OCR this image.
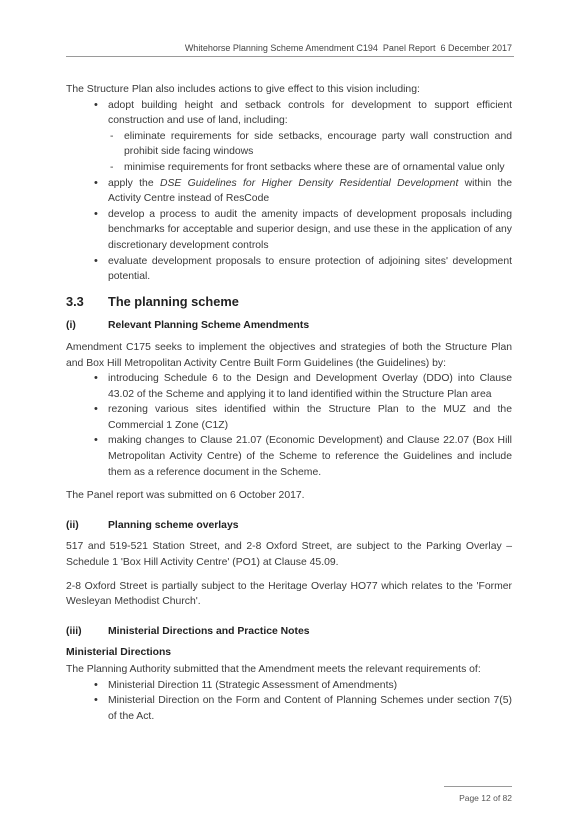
Whitehorse Planning Scheme Amendment C194  Panel Report  6 December 2017

The Structure Plan also includes actions to give effect to this vision including:

• adopt building height and setback controls for development to support efficient construction and use of land, including:
- eliminate requirements for side setbacks, encourage party wall construction and prohibit side facing windows
- minimise requirements for front setbacks where these are of ornamental value only
• apply the DSE Guidelines for Higher Density Residential Development within the Activity Centre instead of ResCode
• develop a process to audit the amenity impacts of development proposals including benchmarks for acceptable and superior design, and use these in the application of any discretionary development controls
• evaluate development proposals to ensure protection of adjoining sites' development potential.
3.3	The planning scheme
(i)	Relevant Planning Scheme Amendments

Amendment C175 seeks to implement the objectives and strategies of both the Structure Plan and Box Hill Metropolitan Activity Centre Built Form Guidelines (the Guidelines) by:

• introducing Schedule 6 to the Design and Development Overlay (DDO) into Clause 43.02 of the Scheme and applying it to land identified within the Structure Plan area
• rezoning various sites identified within the Structure Plan to the MUZ and the Commercial 1 Zone (C1Z)
• making changes to Clause 21.07 (Economic Development) and Clause 22.07 (Box Hill Metropolitan Activity Centre) of the Scheme to reference the Guidelines and include them as a reference document in the Scheme.

The Panel report was submitted on 6 October 2017.

(ii)	Planning scheme overlays

517 and 519-521 Station Street, and 2-8 Oxford Street, are subject to the Parking Overlay – Schedule 1 'Box Hill Activity Centre' (PO1) at Clause 45.09.

2-8 Oxford Street is partially subject to the Heritage Overlay HO77 which relates to the 'Former Wesleyan Methodist Church'.

(iii)	Ministerial Directions and Practice Notes
Ministerial Directions

The Planning Authority submitted that the Amendment meets the relevant requirements of:

• Ministerial Direction 11 (Strategic Assessment of Amendments)
• Ministerial Direction on the Form and Content of Planning Schemes under section 7(5) of the Act.
Page 12 of 82
